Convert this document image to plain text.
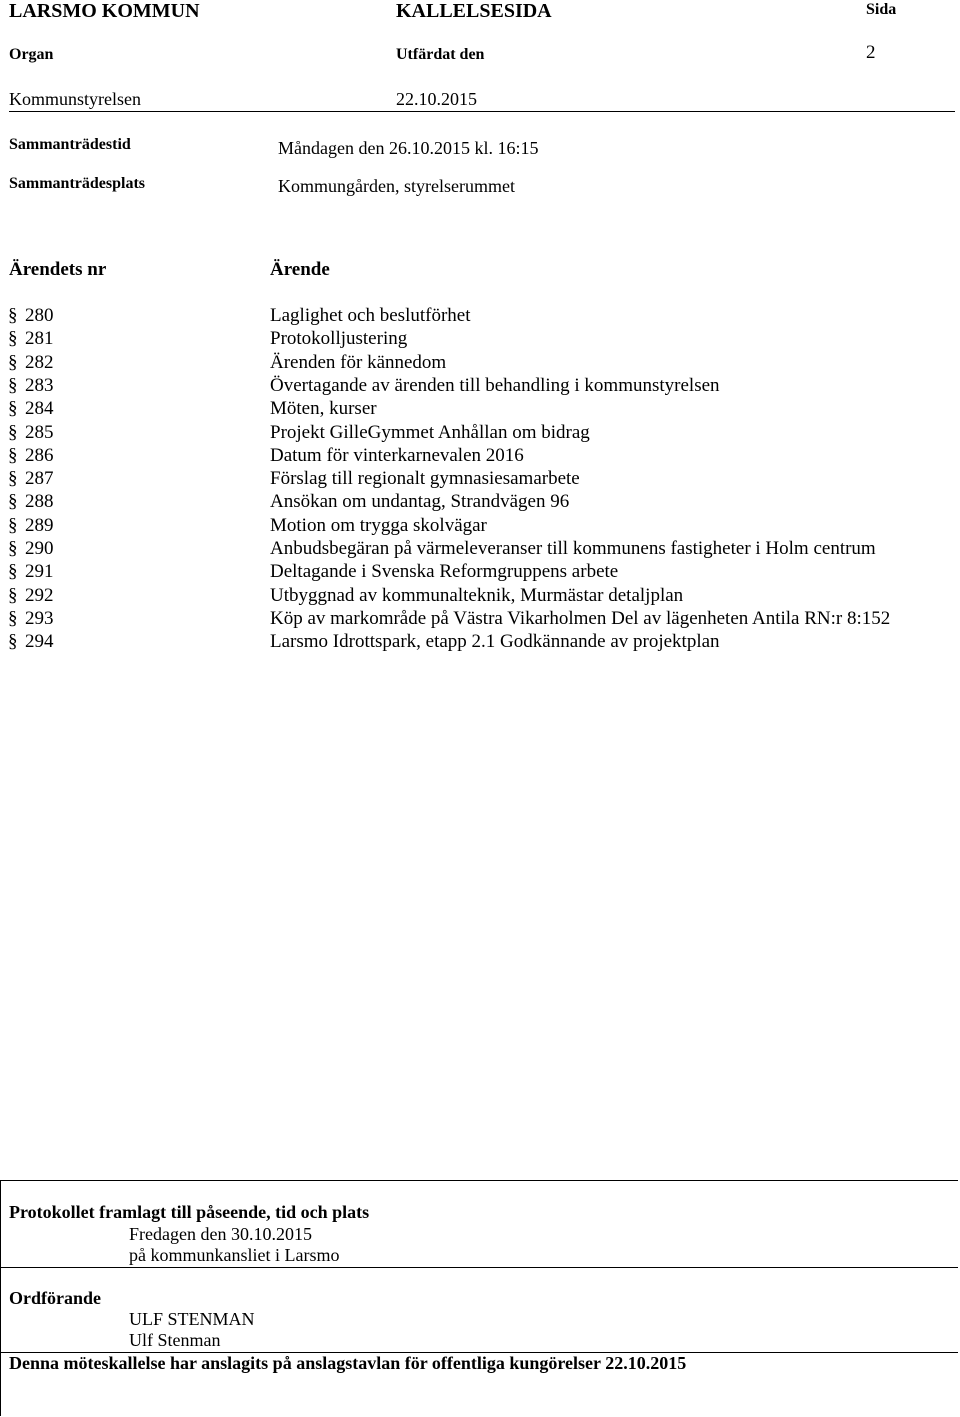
LARSMO KOMMUN	KALLELSESIDA	Sida
2
Organ	Utfärdat den
Kommunstyrelsen	22.10.2015
Sammanträdestid	Måndagen den 26.10.2015 kl. 16:15
Sammanträdesplats	Kommungården, styrelserummet
Ärendets nr	Ärende
§ 280	Laglighet och beslutförhet
§ 281	Protokolljustering
§ 282	Ärenden för kännedom
§ 283	Övertagande av ärenden till behandling i kommunstyrelsen
§ 284	Möten, kurser
§ 285	Projekt GilleGymmet Anhållan om bidrag
§ 286	Datum för vinterkarnevalen 2016
§ 287	Förslag till regionalt gymnasiesamarbete
§ 288	Ansökan om undantag, Strandvägen 96
§ 289	Motion om trygga skolvägar
§ 290	Anbudsbegäran på värmeleveranser till kommunens fastigheter i Holm centrum
§ 291	Deltagande i Svenska Reformgruppens arbete
§ 292	Utbyggnad av kommunalteknik, Murmästar detaljplan
§ 293	Köp av markområde på Västra Vikarholmen Del av lägenheten Antila RN:r 8:152
§ 294	Larsmo Idrottspark, etapp 2.1 Godkännande av projektplan
Protokollet framlagt till påseende, tid och plats
Fredagen den 30.10.2015
på kommunkansliet i Larsmo
Ordförande
ULF STENMAN
Ulf Stenman
Denna möteskallelse har anslagits på anslagstavlan för offentliga kungörelser 22.10.2015
